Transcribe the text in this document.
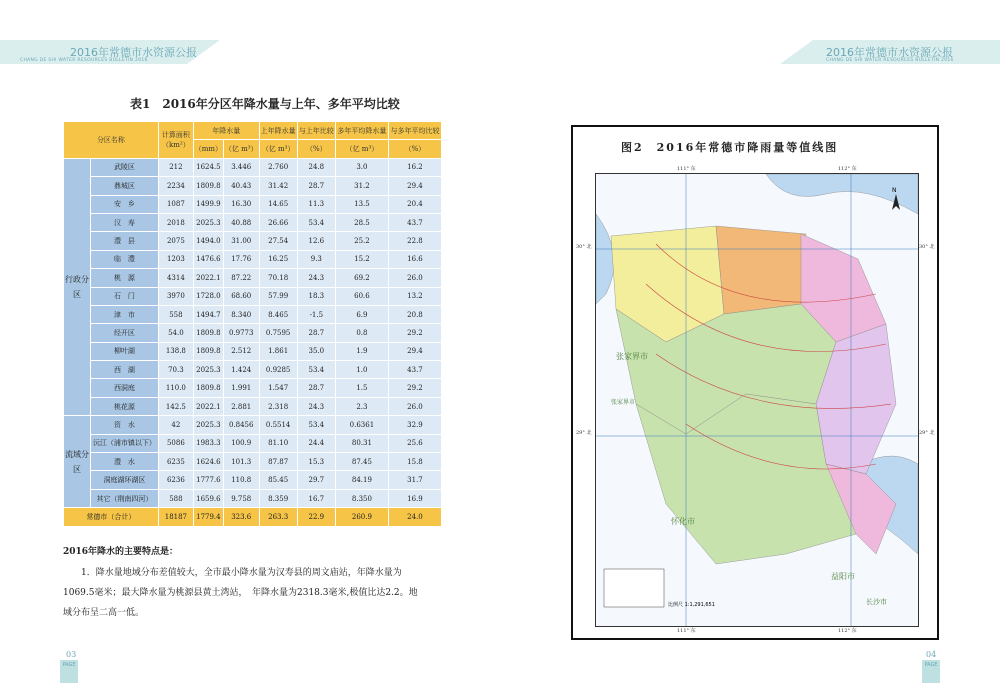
2016年常德市水资源公报
CHANG DE SHI WATER RESOURCES BULLETIN 2016
2016年常德市水资源公报
CHANG DE SHI WATER RESOURCES BULLETIN 2016
表1　2016年分区年降水量与上年、多年平均比较
分区名称		计算面积（km²）	年降水量		上年降水量	与上年比较	多年平均降水量	与多年平均比较
			（mm）	（亿 m³）	（亿 m³）	（%）	（亿 m³）	（%）
行政分区	武陵区	212	1624.5	3.446	2.760	24.8	3.0	16.2
	鼎城区	2234	1809.8	40.43	31.42	28.7	31.2	29.4
	安　乡	1087	1499.9	16.30	14.65	11.3	13.5	20.4
	汉　寿	2018	2025.3	40.88	26.66	53.4	28.5	43.7
	澧　县	2075	1494.0	31.00	27.54	12.6	25.2	22.8
	临　澧	1203	1476.6	17.76	16.25	9.3	15.2	16.6
	桃　源	4314	2022.1	87.22	70.18	24.3	69.2	26.0
	石　门	3970	1728.0	68.60	57.99	18.3	60.6	13.2
	津　市	558	1494.7	8.340	8.465	-1.5	6.9	20.8
	经开区	54.0	1809.8	0.9773	0.7595	28.7	0.8	29.2
	柳叶湖	138.8	1809.8	2.512	1.861	35.0	1.9	29.4
	西　湖	70.3	2025.3	1.424	0.9285	53.4	1.0	43.7
	西洞庭	110.0	1809.8	1.991	1.547	28.7	1.5	29.2
	桃花源	142.5	2022.1	2.881	2.318	24.3	2.3	26.0
流域分区	资　水	42	2025.3	0.8456	0.5514	53.4	0.6361	32.9
	沅江（浦市镇以下）	5086	1983.3	100.9	81.10	24.4	80.31	25.6
	澧　水	6235	1624.6	101.3	87.87	15.3	87.45	15.8
	洞庭湖环湖区	6236	1777.6	110.8	85.45	29.7	84.19	31.7
	其它（荆南四河）	588	1659.6	9.758	8.359	16.7	8.350	16.9
常德市（合计）		18187	1779.4	323.6	263.3	22.9	260.9	24.0
2016年降水的主要特点是：
1．降水量地域分布差值较大，全市最小降水量为汉寿县的周文庙站，年降水量为
1069.5毫米；最大降水量为桃源县黄土湾站，　年降水量为2318.3毫米,极值比达2.2。地
域分布呈二高一低。
图2　2016年常德市降雨量等值线图
111° 东	112° 东
111° 东	112° 东
30° 北	30° 北
29° 北	29° 北
N
张家界市
怀化市
益阳市
长沙市
张家界市
比例尺 1:1,291,651
03
PAGE
04
PAGE
